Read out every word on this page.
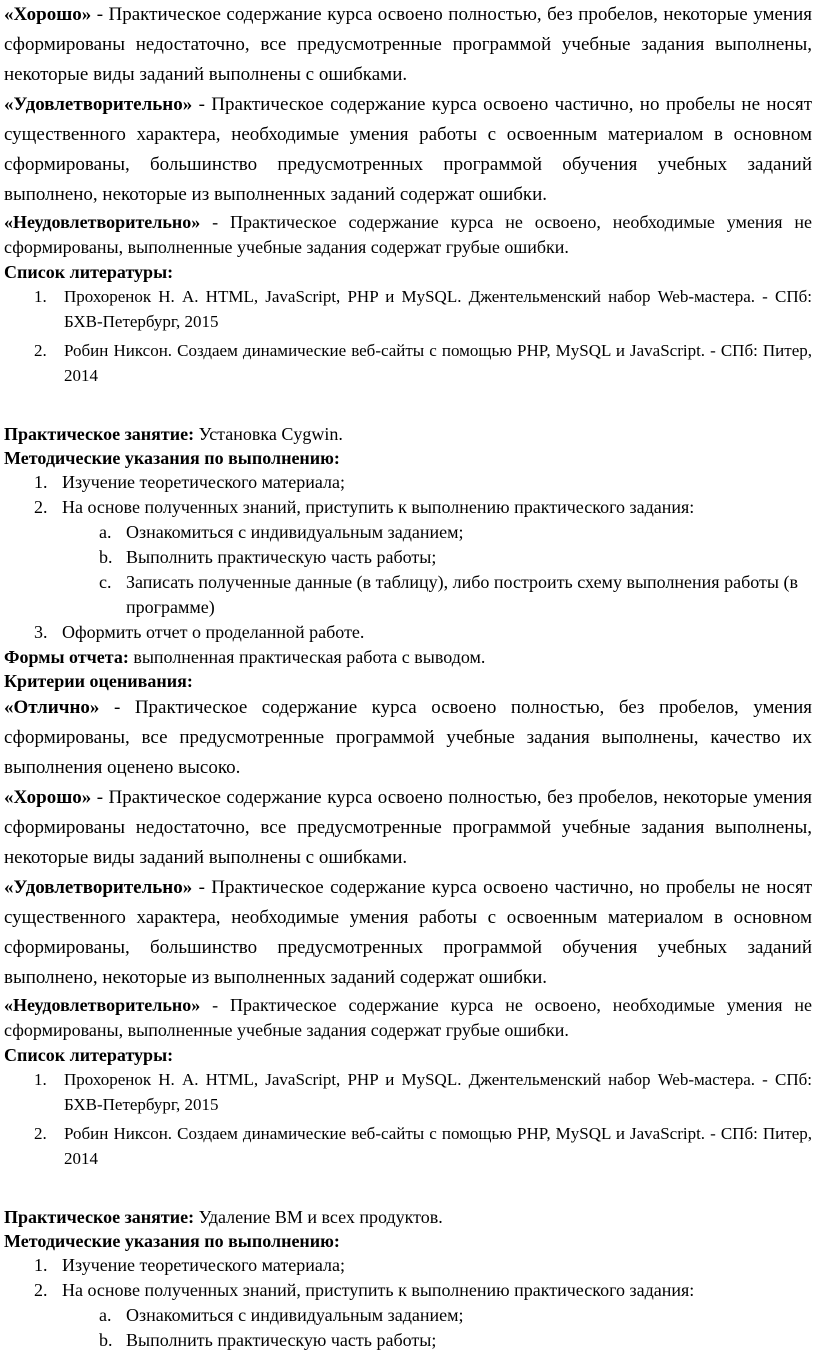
«Хорошо» - Практическое содержание курса освоено полностью, без пробелов, некоторые умения сформированы недостаточно, все предусмотренные программой учебные задания выполнены, некоторые виды заданий выполнены с ошибками.

«Удовлетворительно» - Практическое содержание курса освоено частично, но пробелы не носят существенного характера, необходимые умения работы с освоенным материалом в основном сформированы, большинство предусмотренных программой обучения учебных заданий выполнено, некоторые из выполненных заданий содержат ошибки.

«Неудовлетворительно» - Практическое содержание курса не освоено, необходимые умения не сформированы, выполненные учебные задания содержат грубые ошибки.

Список литературы:

1. Прохоренок Н. А. HTML, JavaScript, PHP и MySQL. Джентельменский набор Web-мастера. - СПб: БХВ-Петербург, 2015
2. Робин Никсон. Создаем динамические веб-сайты с помощью PHP, MySQL и JavaScript. - СПб: Питер, 2014

Практическое занятие: Установка Cygwin.

Методические указания по выполнению:

1. Изучение теоретического материала;
2. На основе полученных знаний, приступить к выполнению практического задания:
a. Ознакомиться с индивидуальным заданием;
b. Выполнить практическую часть работы;
c. Записать полученные данные (в таблицу), либо построить схему выполнения работы (в программе)
3. Оформить отчет о проделанной работе.

Формы отчета: выполненная практическая работа с выводом.

Критерии оценивания:

«Отлично» - Практическое содержание курса освоено полностью, без пробелов, умения сформированы, все предусмотренные программой учебные задания выполнены, качество их выполнения оценено высоко.

«Хорошо» - Практическое содержание курса освоено полностью, без пробелов, некоторые умения сформированы недостаточно, все предусмотренные программой учебные задания выполнены, некоторые виды заданий выполнены с ошибками.

«Удовлетворительно» - Практическое содержание курса освоено частично, но пробелы не носят существенного характера, необходимые умения работы с освоенным материалом в основном сформированы, большинство предусмотренных программой обучения учебных заданий выполнено, некоторые из выполненных заданий содержат ошибки.

«Неудовлетворительно» - Практическое содержание курса не освоено, необходимые умения не сформированы, выполненные учебные задания содержат грубые ошибки.

Список литературы:

1. Прохоренок Н. А. HTML, JavaScript, PHP и MySQL. Джентельменский набор Web-мастера. - СПб: БХВ-Петербург, 2015
2. Робин Никсон. Создаем динамические веб-сайты с помощью PHP, MySQL и JavaScript. - СПб: Питер, 2014

Практическое занятие: Удаление ВМ и всех продуктов.

Методические указания по выполнению:

1. Изучение теоретического материала;
2. На основе полученных знаний, приступить к выполнению практического задания:
a. Ознакомиться с индивидуальным заданием;
b. Выполнить практическую часть работы;
